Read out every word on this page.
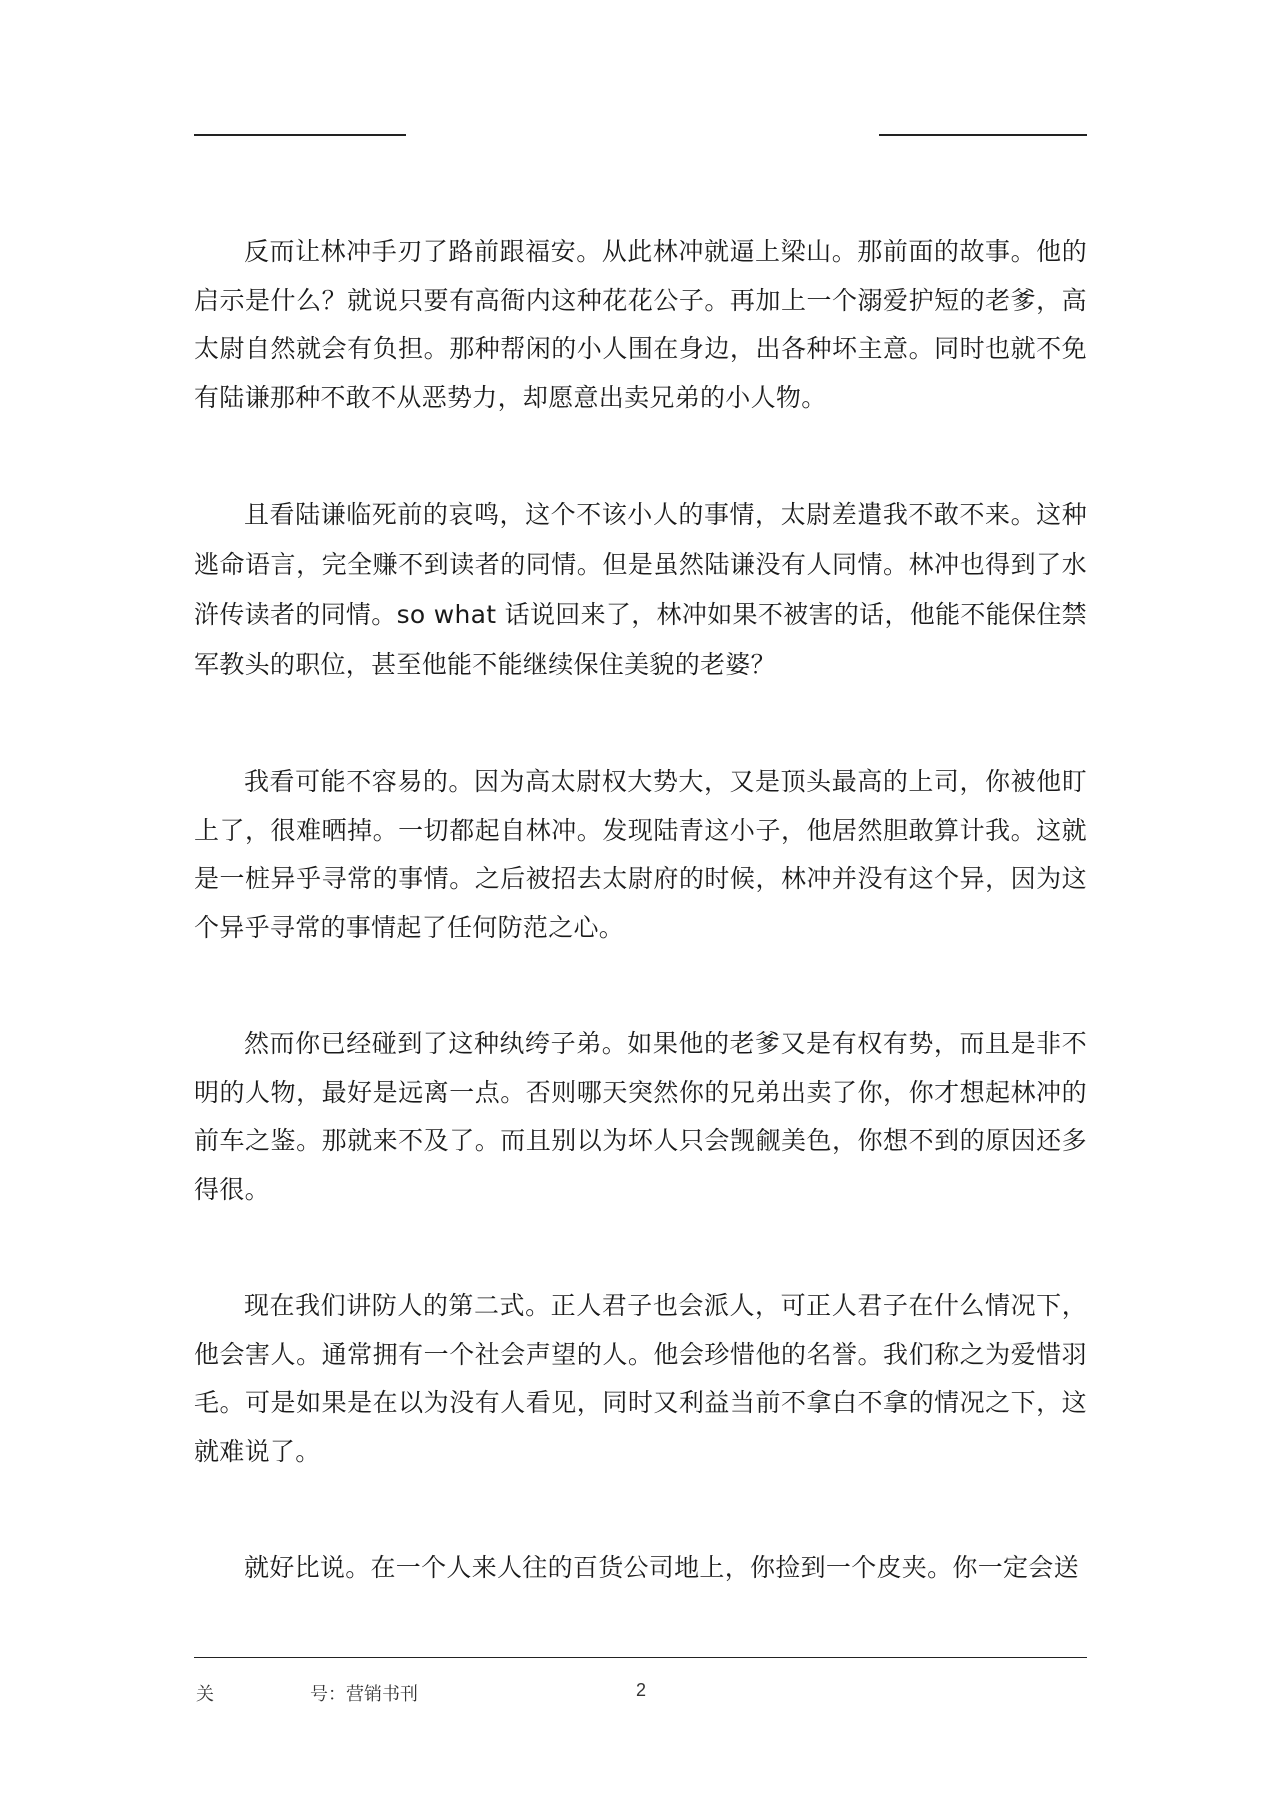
反而让林冲手刃了路前跟福安。从此林冲就逼上梁山。那前面的故事。他的启示是什么？就说只要有高衙内这种花花公子。再加上一个溺爱护短的老爹，高太尉自然就会有负担。那种帮闲的小人围在身边，出各种坏主意。同时也就不免有陆谦那种不敢不从恶势力，却愿意出卖兄弟的小人物。

且看陆谦临死前的哀鸣，这个不该小人的事情，太尉差遣我不敢不来。这种逃命语言，完全赚不到读者的同情。但是虽然陆谦没有人同情。林冲也得到了水浒传读者的同情。so what 话说回来了，林冲如果不被害的话，他能不能保住禁军教头的职位，甚至他能不能继续保住美貌的老婆？

我看可能不容易的。因为高太尉权大势大，又是顶头最高的上司，你被他盯上了，很难晒掉。一切都起自林冲。发现陆青这小子，他居然胆敢算计我。这就是一桩异乎寻常的事情。之后被招去太尉府的时候，林冲并没有这个异，因为这个异乎寻常的事情起了任何防范之心。

然而你已经碰到了这种纨绔子弟。如果他的老爹又是有权有势，而且是非不明的人物，最好是远离一点。否则哪天突然你的兄弟出卖了你，你才想起林冲的前车之鉴。那就来不及了。而且别以为坏人只会觊觎美色，你想不到的原因还多得很。

现在我们讲防人的第二式。正人君子也会派人，可正人君子在什么情况下，他会害人。通常拥有一个社会声望的人。他会珍惜他的名誉。我们称之为爱惜羽毛。可是如果是在以为没有人看见，同时又利益当前不拿白不拿的情况之下，这就难说了。

就好比说。在一个人来人往的百货公司地上，你捡到一个皮夹。你一定会送

关	号：营销书刊	2
